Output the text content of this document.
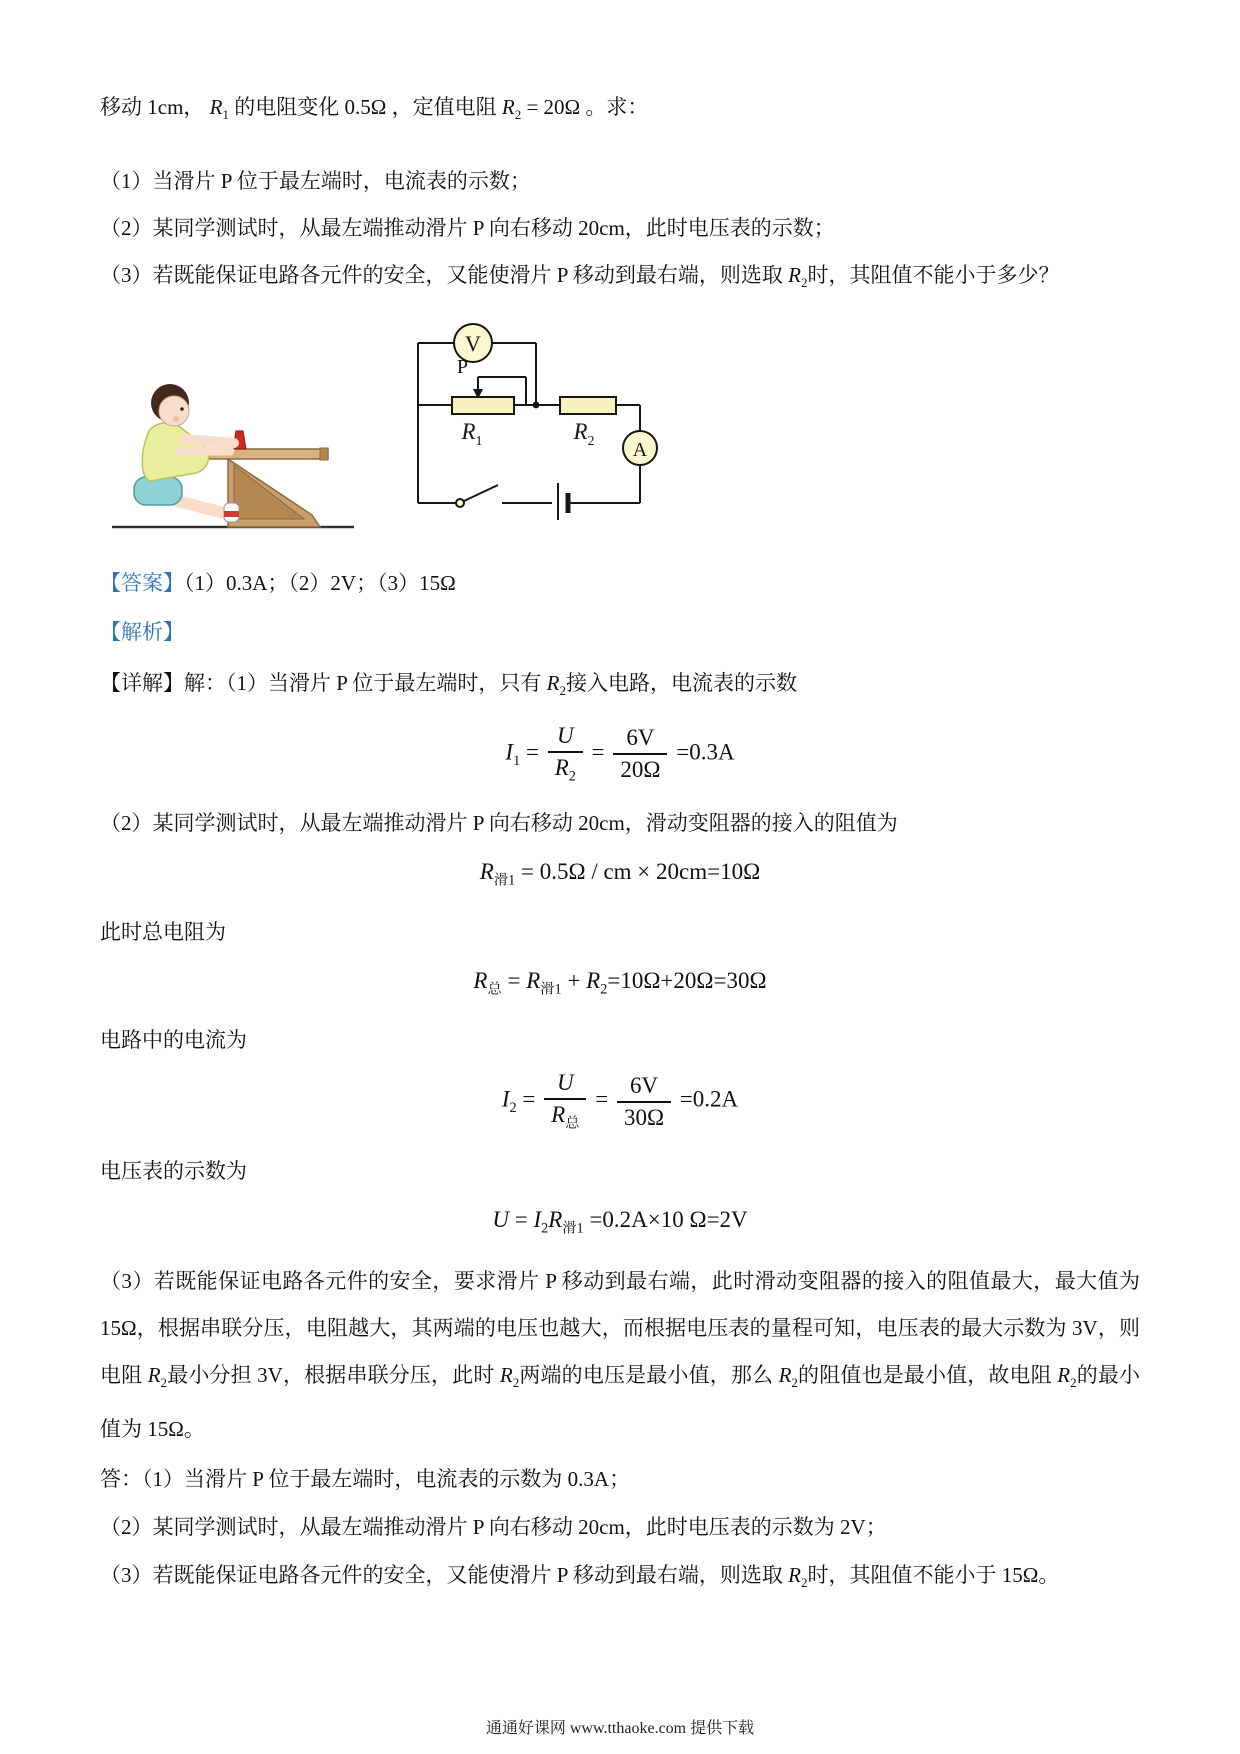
移动 1cm， $R_1$ 的电阻变化 0.5Ω ，定值电阻 $R_2 = 20\Omega$ 。求：
（1）当滑片 P 位于最左端时，电流表的示数；
（2）某同学测试时，从最左端推动滑片 P 向右移动 20cm，此时电压表的示数；
（3）若既能保证电路各元件的安全，又能使滑片 P 移动到最右端，则选取 $R_2$时，其阻值不能小于多少？
V
A
P
$R_1$	$R_2$
【答案】（1）0.3A；（2）2V；（3）15Ω
【解析】
【详解】解：（1）当滑片 P 位于最左端时，只有 $R_2$接入电路，电流表的示数
$I_1 = \frac{U}{R_2} = \frac{6V}{20\Omega} =0.3A$
（2）某同学测试时，从最左端推动滑片 P 向右移动 20cm，滑动变阻器的接入的阻值为
$R_{滑1} = 0.5\Omega$ / cm × 20cm=10Ω
此时总电阻为
$R_总 = R_{滑1} + R_2=10\Omega+20\Omega=30\Omega$
电路中的电流为
$I_2 = \frac{U}{R_总} = \frac{6V}{30\Omega} =0.2A$
电压表的示数为
$U = I_2R_{滑1} =0.2A\times 10$ Ω=2V
（3）若既能保证电路各元件的安全，要求滑片 P 移动到最右端，此时滑动变阻器的接入的阻值最大，最大值为 15Ω，根据串联分压，电阻越大，其两端的电压也越大，而根据电压表的量程可知，电压表的最大示数为 3V，则电阻 $R_2$最小分担 3V，根据串联分压，此时 $R_2$两端的电压是最小值，那么 $R_2$的阻值也是最小值，故电阻 $R_2$的最小值为 15Ω。
答：（1）当滑片 P 位于最左端时，电流表的示数为 0.3A；
（2）某同学测试时，从最左端推动滑片 P 向右移动 20cm，此时电压表的示数为 2V；
（3）若既能保证电路各元件的安全，又能使滑片 P 移动到最右端，则选取 $R_2$时，其阻值不能小于 15Ω。
通通好课网 www.tthaoke.com 提供下载
